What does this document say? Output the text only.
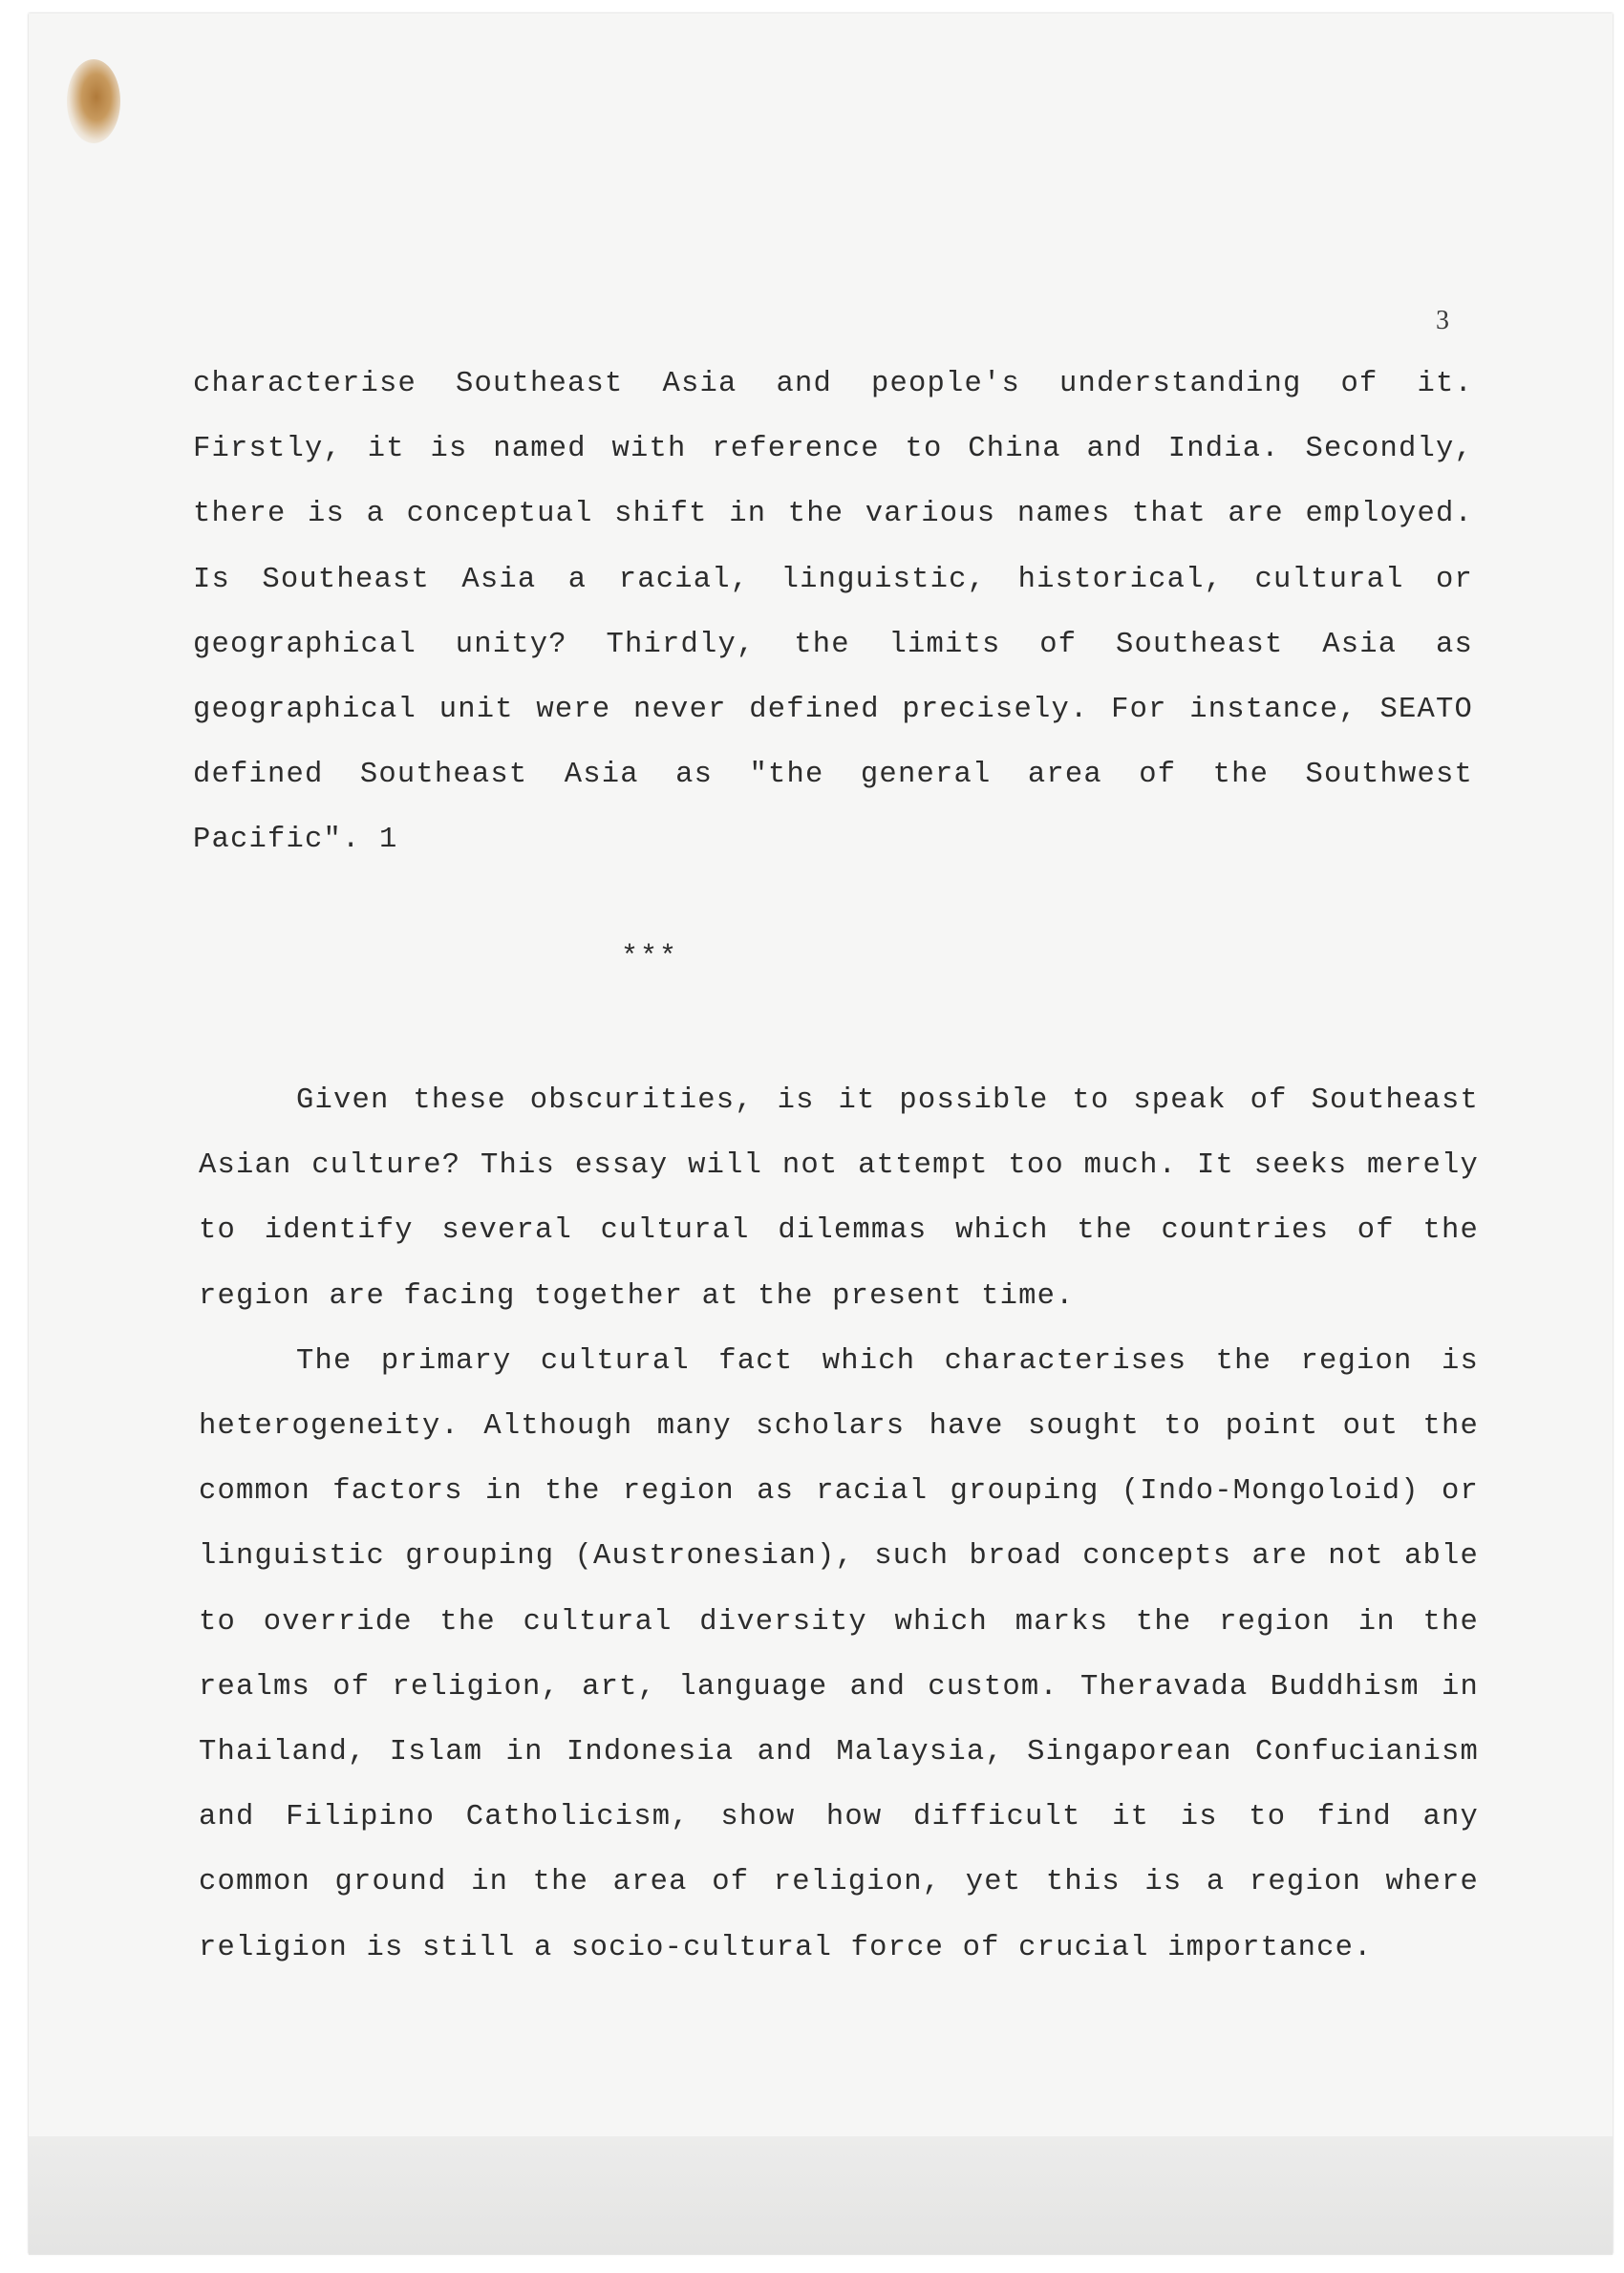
3

characterise Southeast Asia and people's understanding of it. Firstly, it is named with reference to China and India. Secondly, there is a conceptual shift in the various names that are employed. Is Southeast Asia a racial, linguistic, historical, cultural or geographical unity? Thirdly, the limits of Southeast Asia as geographical unit were never defined precisely. For instance, SEATO defined Southeast Asia as "the general area of the Southwest Pacific". 1

***

Given these obscurities, is it possible to speak of Southeast Asian culture? This essay will not attempt too much. It seeks merely to identify several cultural dilemmas which the countries of the region are facing together at the present time.

The primary cultural fact which characterises the region is heterogeneity. Although many scholars have sought to point out the common factors in the region as racial grouping (Indo-Mongoloid) or linguistic grouping (Austronesian), such broad concepts are not able to override the cultural diversity which marks the region in the realms of religion, art, language and custom. Theravada Buddhism in Thailand, Islam in Indonesia and Malaysia, Singaporean Confucianism and Filipino Catholicism, show how difficult it is to find any common ground in the area of religion, yet this is a region where religion is still a socio-cultural force of crucial importance.
